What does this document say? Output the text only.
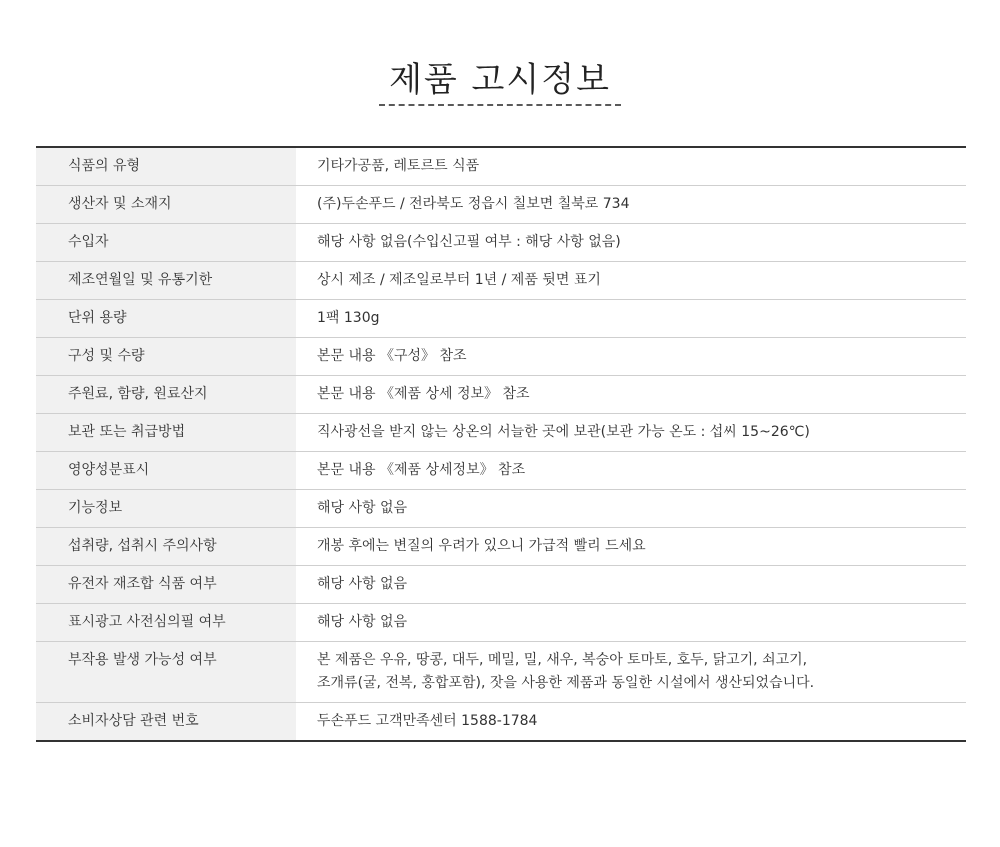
제품 고시정보
식품의 유형	기타가공품, 레토르트 식품
생산자 및 소재지	(주)두손푸드 / 전라북도 정읍시 칠보면 칠북로 734
수입자	해당 사항 없음(수입신고필 여부 : 해당 사항 없음)
제조연월일 및 유통기한	상시 제조 / 제조일로부터 1년 / 제품 뒷면 표기
단위 용량	1팩 130g
구성 및 수량	본문 내용 《구성》 참조
주원료, 함량, 원료산지	본문 내용 《제품 상세 정보》 참조
보관 또는 취급방법	직사광선을 받지 않는 상온의 서늘한 곳에 보관(보관 가능 온도 : 섭씨 15~26℃)
영양성분표시	본문 내용 《제품 상세정보》 참조
기능정보	해당 사항 없음
섭취량, 섭취시 주의사항	개봉 후에는 변질의 우려가 있으니 가급적 빨리 드세요
유전자 재조합 식품 여부	해당 사항 없음
표시광고 사전심의필 여부	해당 사항 없음
부작용 발생 가능성 여부	본 제품은 우유, 땅콩, 대두, 메밀, 밀, 새우, 복숭아 토마토, 호두, 닭고기, 쇠고기,
조개류(굴, 전복, 홍합포함), 잣을 사용한 제품과 동일한 시설에서 생산되었습니다.

소비자상담 관련 번호	두손푸드 고객만족센터 1588-1784
